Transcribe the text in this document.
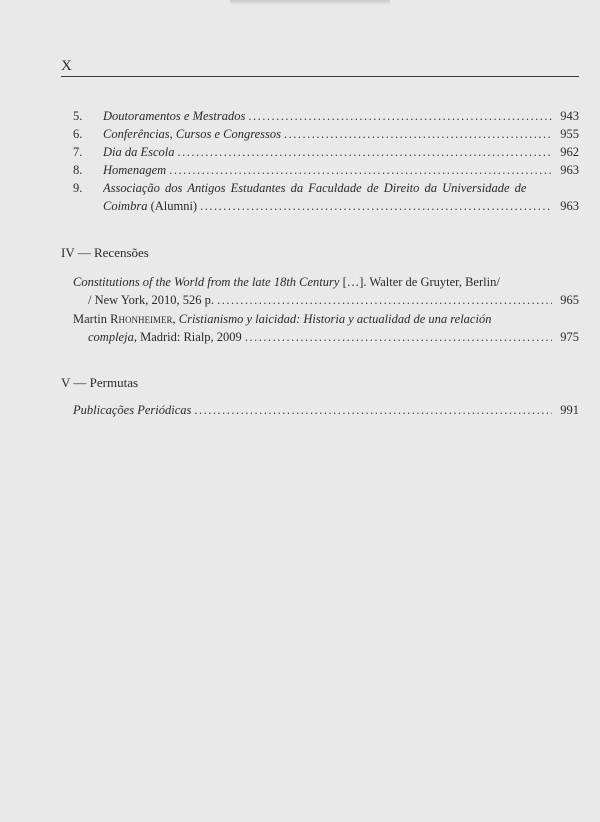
X
5.	Doutoramentos e Mestrados .....	943
6.	Conferências, Cursos e Congressos .....	955
7.	Dia da Escola .....	962
8.	Homenagem .....	963
9.	Associação dos Antigos Estudantes da Faculdade de Direito da Universidade de
Coimbra (Alumni) .....	963
IV — Recensões
Constitutions of the World from the late 18th Century […]. Walter de Gruyter, Berlin/
/ New York, 2010, 526 p. .....	965
Martin Rhonheimer, Cristianismo y laicidad: Historia y actualidad de una relación
compleja, Madrid: Rialp, 2009 .....	975
V — Permutas
Publicações Periódicas .....	991
